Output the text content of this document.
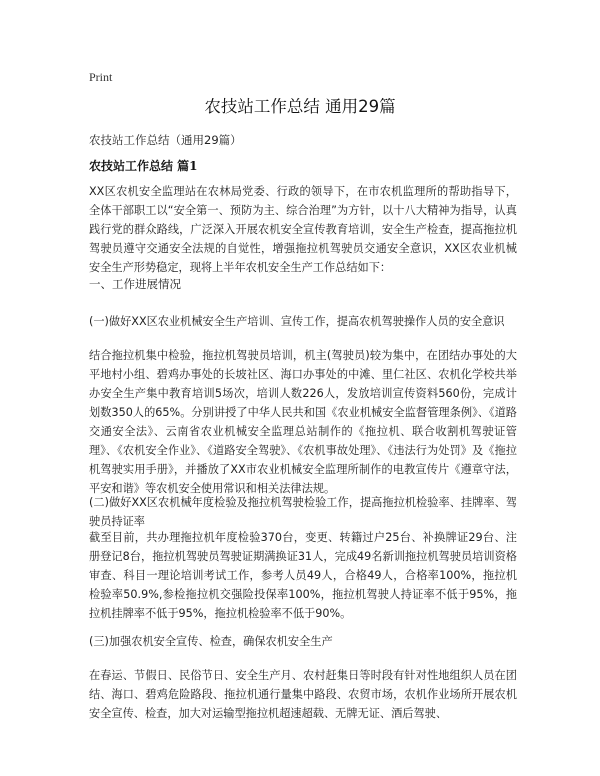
Print
农技站工作总结 通用29篇
农技站工作总结（通用29篇）
农技站工作总结 篇1
XX区农机安全监理站在农林局党委、行政的领导下，在市农机监理所的帮助指导下，全体干部职工以“安全第一、预防为主、综合治理”为方针，以十八大精神为指导，认真践行党的群众路线，广泛深入开展农机安全宣传教育培训，安全生产检查，提高拖拉机驾驶员遵守交通安全法规的自觉性，增强拖拉机驾驶员交通安全意识，XX区农业机械安全生产形势稳定，现将上半年农机安全生产工作总结如下：
一、工作进展情况
(一)做好XX区农业机械安全生产培训、宣传工作，提高农机驾驶操作人员的安全意识
结合拖拉机集中检验，拖拉机驾驶员培训，机主(驾驶员)较为集中，在团结办事处的大平地村小组、碧鸡办事处的长坡社区、海口办事处的中滩、里仁社区、农机化学校共举办安全生产集中教育培训5场次，培训人数226人，发放培训宣传资料560份，完成计划数350人的65%。分别讲授了中华人民共和国《农业机械安全监督管理条例》、《道路交通安全法》、云南省农业机械安全监理总站制作的《拖拉机、联合收割机驾驶证管理》、《农机安全作业》、《道路安全驾驶》、《农机事故处理》、《违法行为处罚》及《拖拉机驾驶实用手册》，并播放了XX市农业机械安全监理所制作的电教宣传片《遵章守法，平安和谐》等农机安全使用常识和相关法律法规。
(二)做好XX区农机械年度检验及拖拉机驾驶检验工作，提高拖拉机检验率、挂牌率、驾驶员持证率
截至目前，共办理拖拉机年度检验370台，变更、转籍过户25台、补换牌证29台、注册登记8台，拖拉机驾驶员驾驶证期满换证31人，完成49名新训拖拉机驾驶员培训资格审查、科目一理论培训考试工作，参考人员49人，合格49人，合格率100%，拖拉机检验率50.9%,参检拖拉机交强险投保率100%，拖拉机驾驶人持证率不低于95%，拖拉机挂牌率不低于95%，拖拉机检验率不低于90%。
(三)加强农机安全宣传、检查，确保农机安全生产
在春运、节假日、民俗节日、安全生产月、农村赶集日等时段有针对性地组织人员在团结、海口、碧鸡危险路段、拖拉机通行量集中路段、农贸市场，农机作业场所开展农机安全宣传、检查，加大对运输型拖拉机超速超载、无牌无证、酒后驾驶、
